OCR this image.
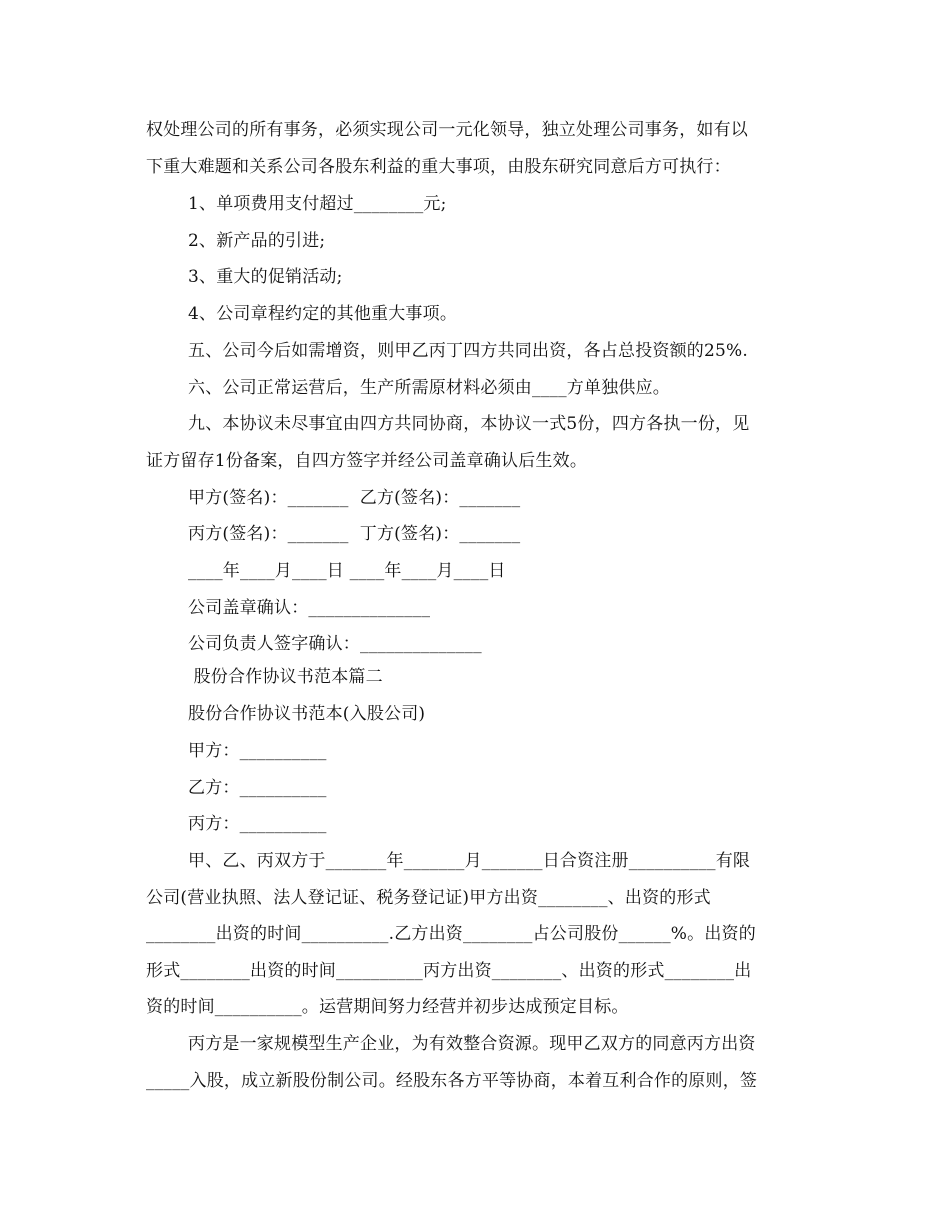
权处理公司的所有事务，必须实现公司一元化领导，独立处理公司事务，如有以
下重大难题和关系公司各股东利益的重大事项，由股东研究同意后方可执行：
1、单项费用支付超过________元;
2、新产品的引进;
3、重大的促销活动;
4、公司章程约定的其他重大事项。
五、公司今后如需增资，则甲乙丙丁四方共同出资，各占总投资额的25%.
六、公司正常运营后，生产所需原材料必须由____方单独供应。
九、本协议未尽事宜由四方共同协商，本协议一式5份，四方各执一份，见
证方留存1份备案，自四方签字并经公司盖章确认后生效。
甲方(签名)：_______  乙方(签名)：_______
丙方(签名)：_______  丁方(签名)：_______
____年____月____日 ____年____月____日
公司盖章确认：______________
公司负责人签字确认：______________
股份合作协议书范本篇二
股份合作协议书范本(入股公司)
甲方：__________
乙方：__________
丙方：__________
甲、乙、丙双方于_______年_______月_______日合资注册__________有限
公司(营业执照、法人登记证、税务登记证)甲方出资________、出资的形式
________出资的时间__________.乙方出资________占公司股份______%。出资的
形式________出资的时间__________丙方出资________、出资的形式________出
资的时间__________。运营期间努力经营并初步达成预定目标。
丙方是一家规模型生产企业，为有效整合资源。现甲乙双方的同意丙方出资
_____入股，成立新股份制公司。经股东各方平等协商，本着互利合作的原则，签
